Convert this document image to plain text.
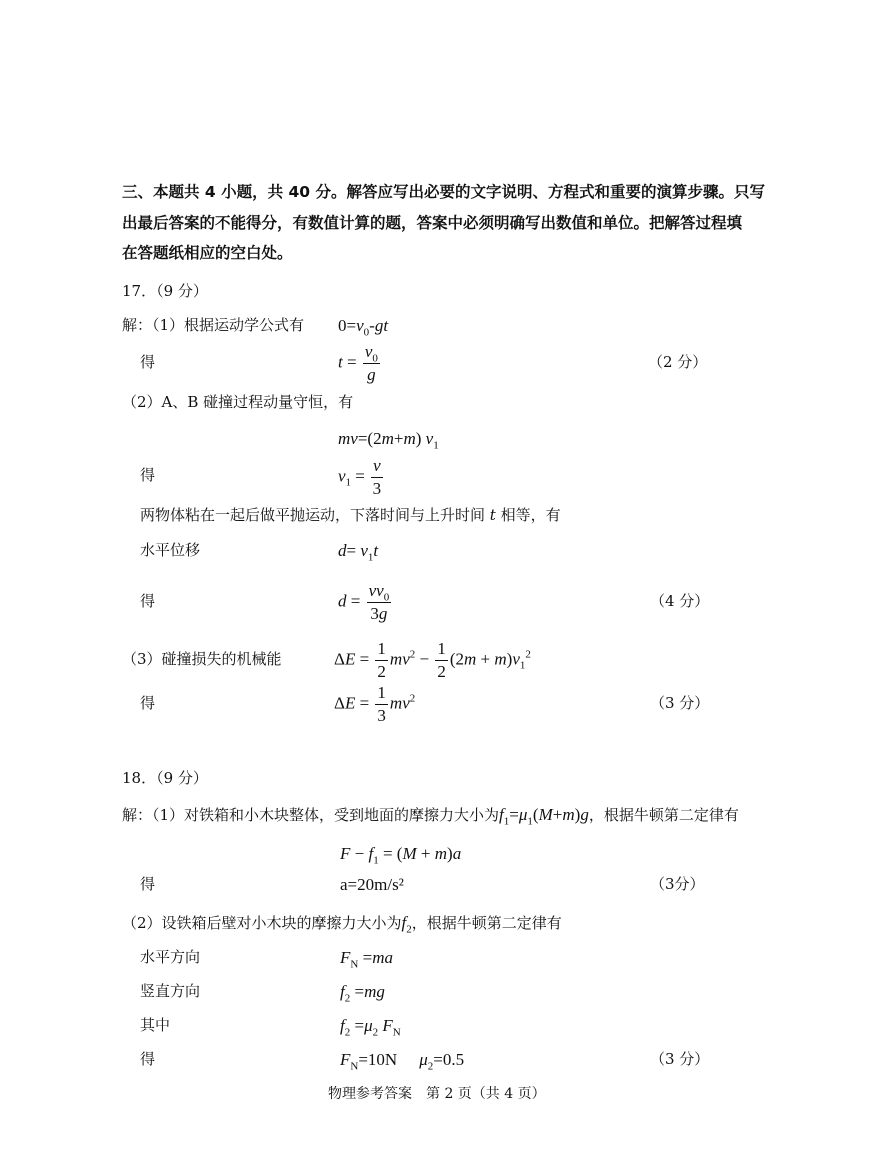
三、本题共 4 小题，共 40 分。解答应写出必要的文字说明、方程式和重要的演算步骤。只写
出最后答案的不能得分，有数值计算的题，答案中必须明确写出数值和单位。把解答过程填
在答题纸相应的空白处。
17．（9 分）
解：（1）根据运动学公式有 $0=v_0-gt$
得	$t = \frac{v_0}{g}$	（2 分）
（2）A、B 碰撞过程动量守恒，有
mv=(2m+m) $v_1$
得	$v_1 = \frac{v}{3}$
两物体粘在一起后做平抛运动，下落时间与上升时间 t 相等，有
水平位移	$d= v_1t$
得	$d = \frac{vv_0}{3g}$	（4 分）
（3）碰撞损失的机械能	$\Delta E = \frac{1}{2} mv^2 - \frac{1}{2} (2m + m)v_1^2$
得	$\Delta E = \frac{1}{3} mv^2$	（3 分）
18．（9 分）
解：（1）对铁箱和小木块整体，受到地面的摩擦力大小为$f_1=\mu_1(M+m)g$，根据牛顿第二定律有
$F - f_1 = (M + m)a$
得	a=20m/s²	（3分）
（2）设铁箱后壁对小木块的摩擦力大小为$f_2$，根据牛顿第二定律有
水平方向	$F_N =ma$
竖直方向	$f_2 =mg$
其中	$f_2 =\mu_2$ $F_N$
得	$F_N=10N$ $\mu_2=0.5$	（3 分）
物理参考答案　第 2 页（共 4 页）
